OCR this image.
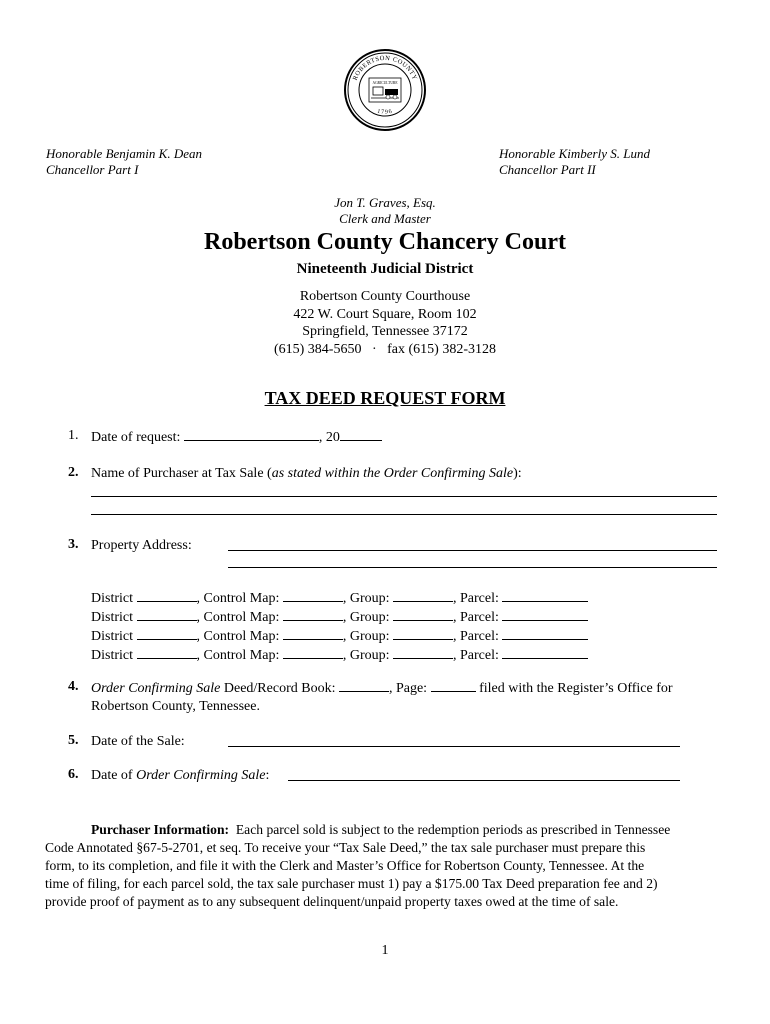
ROBERTSON COUNTY
1796
AGRICULTURE
Honorable Benjamin K. Dean
Chancellor Part I
Honorable Kimberly S. Lund
Chancellor Part II
Jon T. Graves, Esq.
Clerk and Master
Robertson County Chancery Court
Nineteenth Judicial District
Robertson County Courthouse
422 W. Court Square, Room 102
Springfield, Tennessee 37172
(615) 384-5650 · fax (615) 382-3128
TAX DEED REQUEST FORM
1. Date of request:	, 20
2. Name of Purchaser at Tax Sale (as stated within the Order Confirming Sale):
3. Property Address:
District	, Control Map:	, Group:	, Parcel:
District	, Control Map:	, Group:	, Parcel:
District	, Control Map:	, Group:	, Parcel:
District	, Control Map:	, Group:	, Parcel:
4. Order Confirming Sale Deed/Record Book:	, Page:	filed with the Register’s Office for
Robertson County, Tennessee.
5. Date of the Sale:
6. Date of Order Confirming Sale:
Purchaser Information: Each parcel sold is subject to the redemption periods as prescribed in Tennessee
Code Annotated §67-5-2701, et seq. To receive your “Tax Sale Deed,” the tax sale purchaser must prepare this
form, to its completion, and file it with the Clerk and Master’s Office for Robertson County, Tennessee. At the
time of filing, for each parcel sold, the tax sale purchaser must 1) pay a $175.00 Tax Deed preparation fee and 2)
provide proof of payment as to any subsequent delinquent/unpaid property taxes owed at the time of sale.
1
